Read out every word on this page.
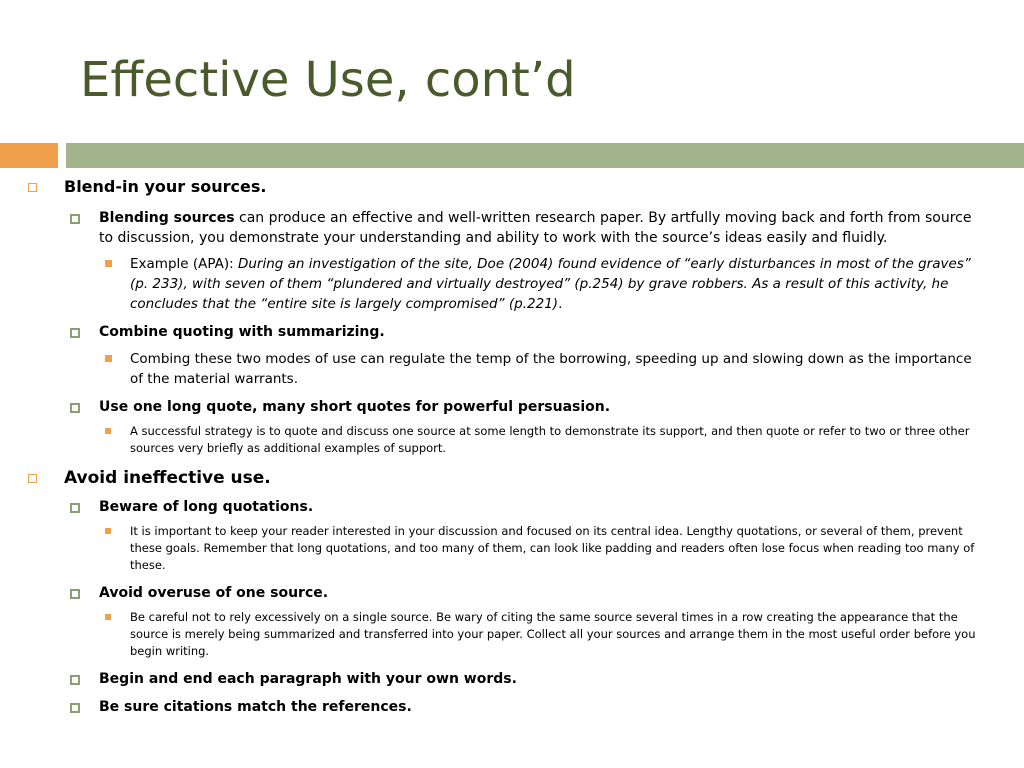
Effective Use, cont’d
Blend-in your sources.
Blending sources can produce an effective and well-written research paper. By artfully moving back and forth from source to discussion, you demonstrate your understanding and ability to work with the source’s ideas easily and fluidly.
Example (APA): During an investigation of the site, Doe (2004) found evidence of “early disturbances in most of the graves” (p. 233), with seven of them “plundered and virtually destroyed” (p.254) by grave robbers. As a result of this activity, he concludes that the “entire site is largely compromised” (p.221).
Combine quoting with summarizing.
Combing these two modes of use can regulate the temp of the borrowing, speeding up and slowing down as the importance of the material warrants.
Use one long quote, many short quotes for powerful persuasion.
A successful strategy is to quote and discuss one source at some length to demonstrate its support, and then quote or refer to two or three other sources very briefly as additional examples of support.
Avoid ineffective use.
Beware of long quotations.
It is important to keep your reader interested in your discussion and focused on its central idea. Lengthy quotations, or several of them, prevent these goals. Remember that long quotations, and too many of them, can look like padding and readers often lose focus when reading too many of these.
Avoid overuse of one source.
Be careful not to rely excessively on a single source. Be wary of citing the same source several times in a row creating the appearance that the source is merely being summarized and transferred into your paper. Collect all your sources and arrange them in the most useful order before you begin writing.
Begin and end each paragraph with your own words.
Be sure citations match the references.
